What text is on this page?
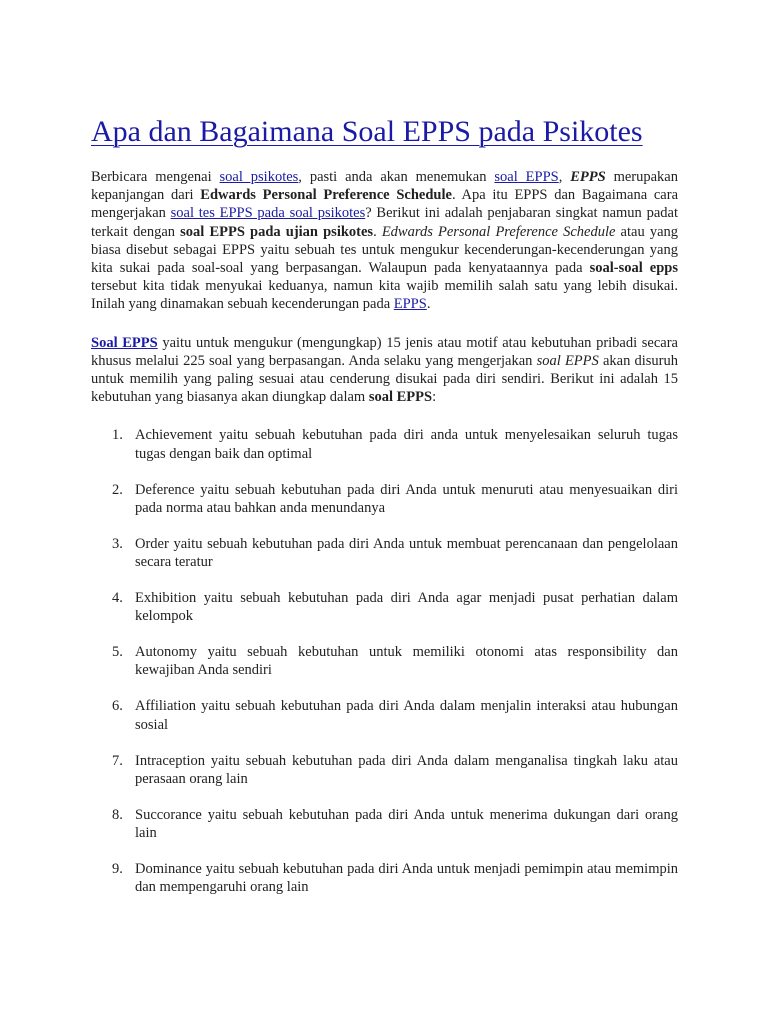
Apa dan Bagaimana Soal EPPS pada Psikotes

Berbicara mengenai soal psikotes, pasti anda akan menemukan soal EPPS, EPPS merupakan kepanjangan dari Edwards Personal Preference Schedule. Apa itu EPPS dan Bagaimana cara mengerjakan soal tes EPPS pada soal psikotes? Berikut ini adalah penjabaran singkat namun padat terkait dengan soal EPPS pada ujian psikotes. Edwards Personal Preference Schedule atau yang biasa disebut sebagai EPPS yaitu sebuah tes untuk mengukur kecenderungan-kecenderungan yang kita sukai pada soal-soal yang berpasangan. Walaupun pada kenyataannya pada soal-soal epps tersebut kita tidak menyukai keduanya, namun kita wajib memilih salah satu yang lebih disukai. Inilah yang dinamakan sebuah kecenderungan pada EPPS.

Soal EPPS yaitu untuk mengukur (mengungkap) 15 jenis atau motif atau kebutuhan pribadi secara khusus melalui 225 soal yang berpasangan. Anda selaku yang mengerjakan soal EPPS akan disuruh untuk memilih yang paling sesuai atau cenderung disukai pada diri sendiri. Berikut ini adalah 15 kebutuhan yang biasanya akan diungkap dalam soal EPPS:

1. Achievement yaitu sebuah kebutuhan pada diri anda untuk menyelesaikan seluruh tugas tugas dengan baik dan optimal
2. Deference yaitu sebuah kebutuhan pada diri Anda untuk menuruti atau menyesuaikan diri pada norma atau bahkan anda menundanya
3. Order yaitu sebuah kebutuhan pada diri Anda untuk membuat perencanaan dan pengelolaan secara teratur
4. Exhibition yaitu sebuah kebutuhan pada diri Anda agar menjadi pusat perhatian dalam kelompok
5. Autonomy yaitu sebuah kebutuhan untuk memiliki otonomi atas responsibility dan kewajiban Anda sendiri
6. Affiliation yaitu sebuah kebutuhan pada diri Anda dalam menjalin interaksi atau hubungan sosial
7. Intraception yaitu sebuah kebutuhan pada diri Anda dalam menganalisa tingkah laku atau perasaan orang lain
8. Succorance yaitu sebuah kebutuhan pada diri Anda untuk menerima dukungan dari orang lain
9. Dominance yaitu sebuah kebutuhan pada diri Anda untuk menjadi pemimpin atau memimpin dan mempengaruhi orang lain
